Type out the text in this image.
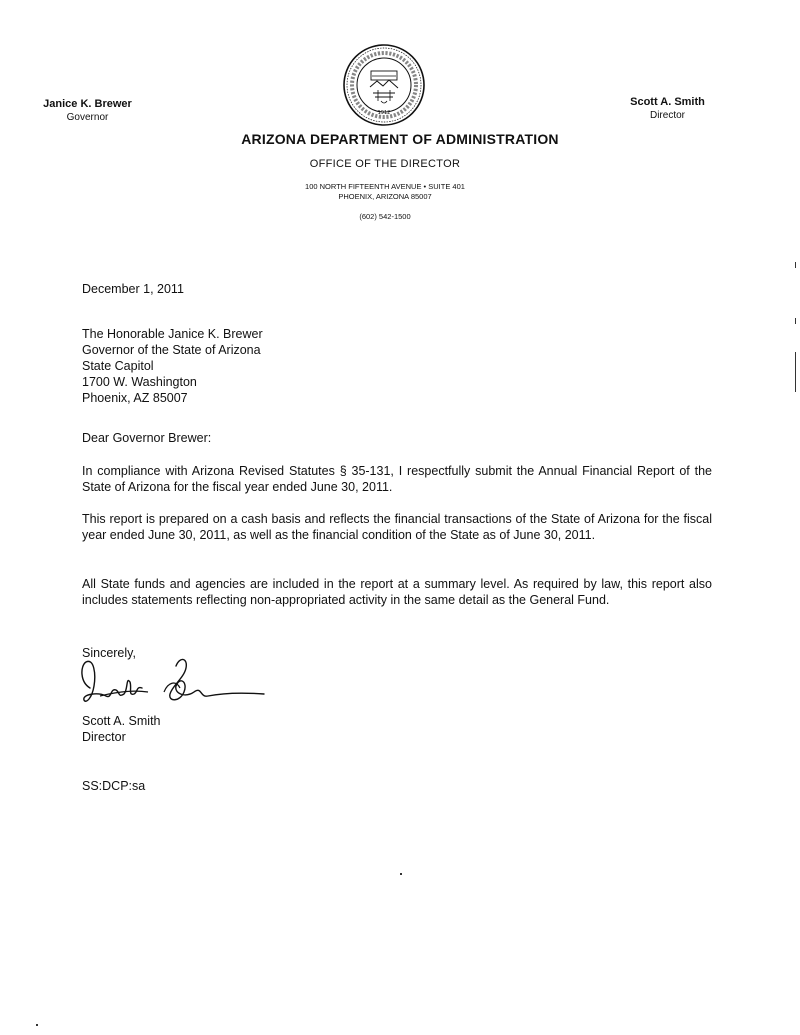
Janice K. Brewer
Governor
Scott A. Smith
Director
1912
ARIZONA DEPARTMENT OF ADMINISTRATION
OFFICE OF THE DIRECTOR
100 NORTH FIFTEENTH AVENUE • SUITE 401
PHOENIX, ARIZONA 85007
(602) 542-1500
December 1, 2011
The Honorable Janice K. Brewer
Governor of the State of Arizona
State Capitol
1700 W. Washington
Phoenix, AZ 85007
Dear Governor Brewer:
In compliance with Arizona Revised Statutes § 35-131, I respectfully submit the Annual Financial Report of the State of Arizona for the fiscal year ended June 30, 2011.
This report is prepared on a cash basis and reflects the financial transactions of the State of Arizona for the fiscal year ended June 30, 2011, as well as the financial condition of the State as of June 30, 2011.
All State funds and agencies are included in the report at a summary level. As required by law, this report also includes statements reflecting non-appropriated activity in the same detail as the General Fund.
Sincerely,
Scott A. Smith
Director
SS:DCP:sa
